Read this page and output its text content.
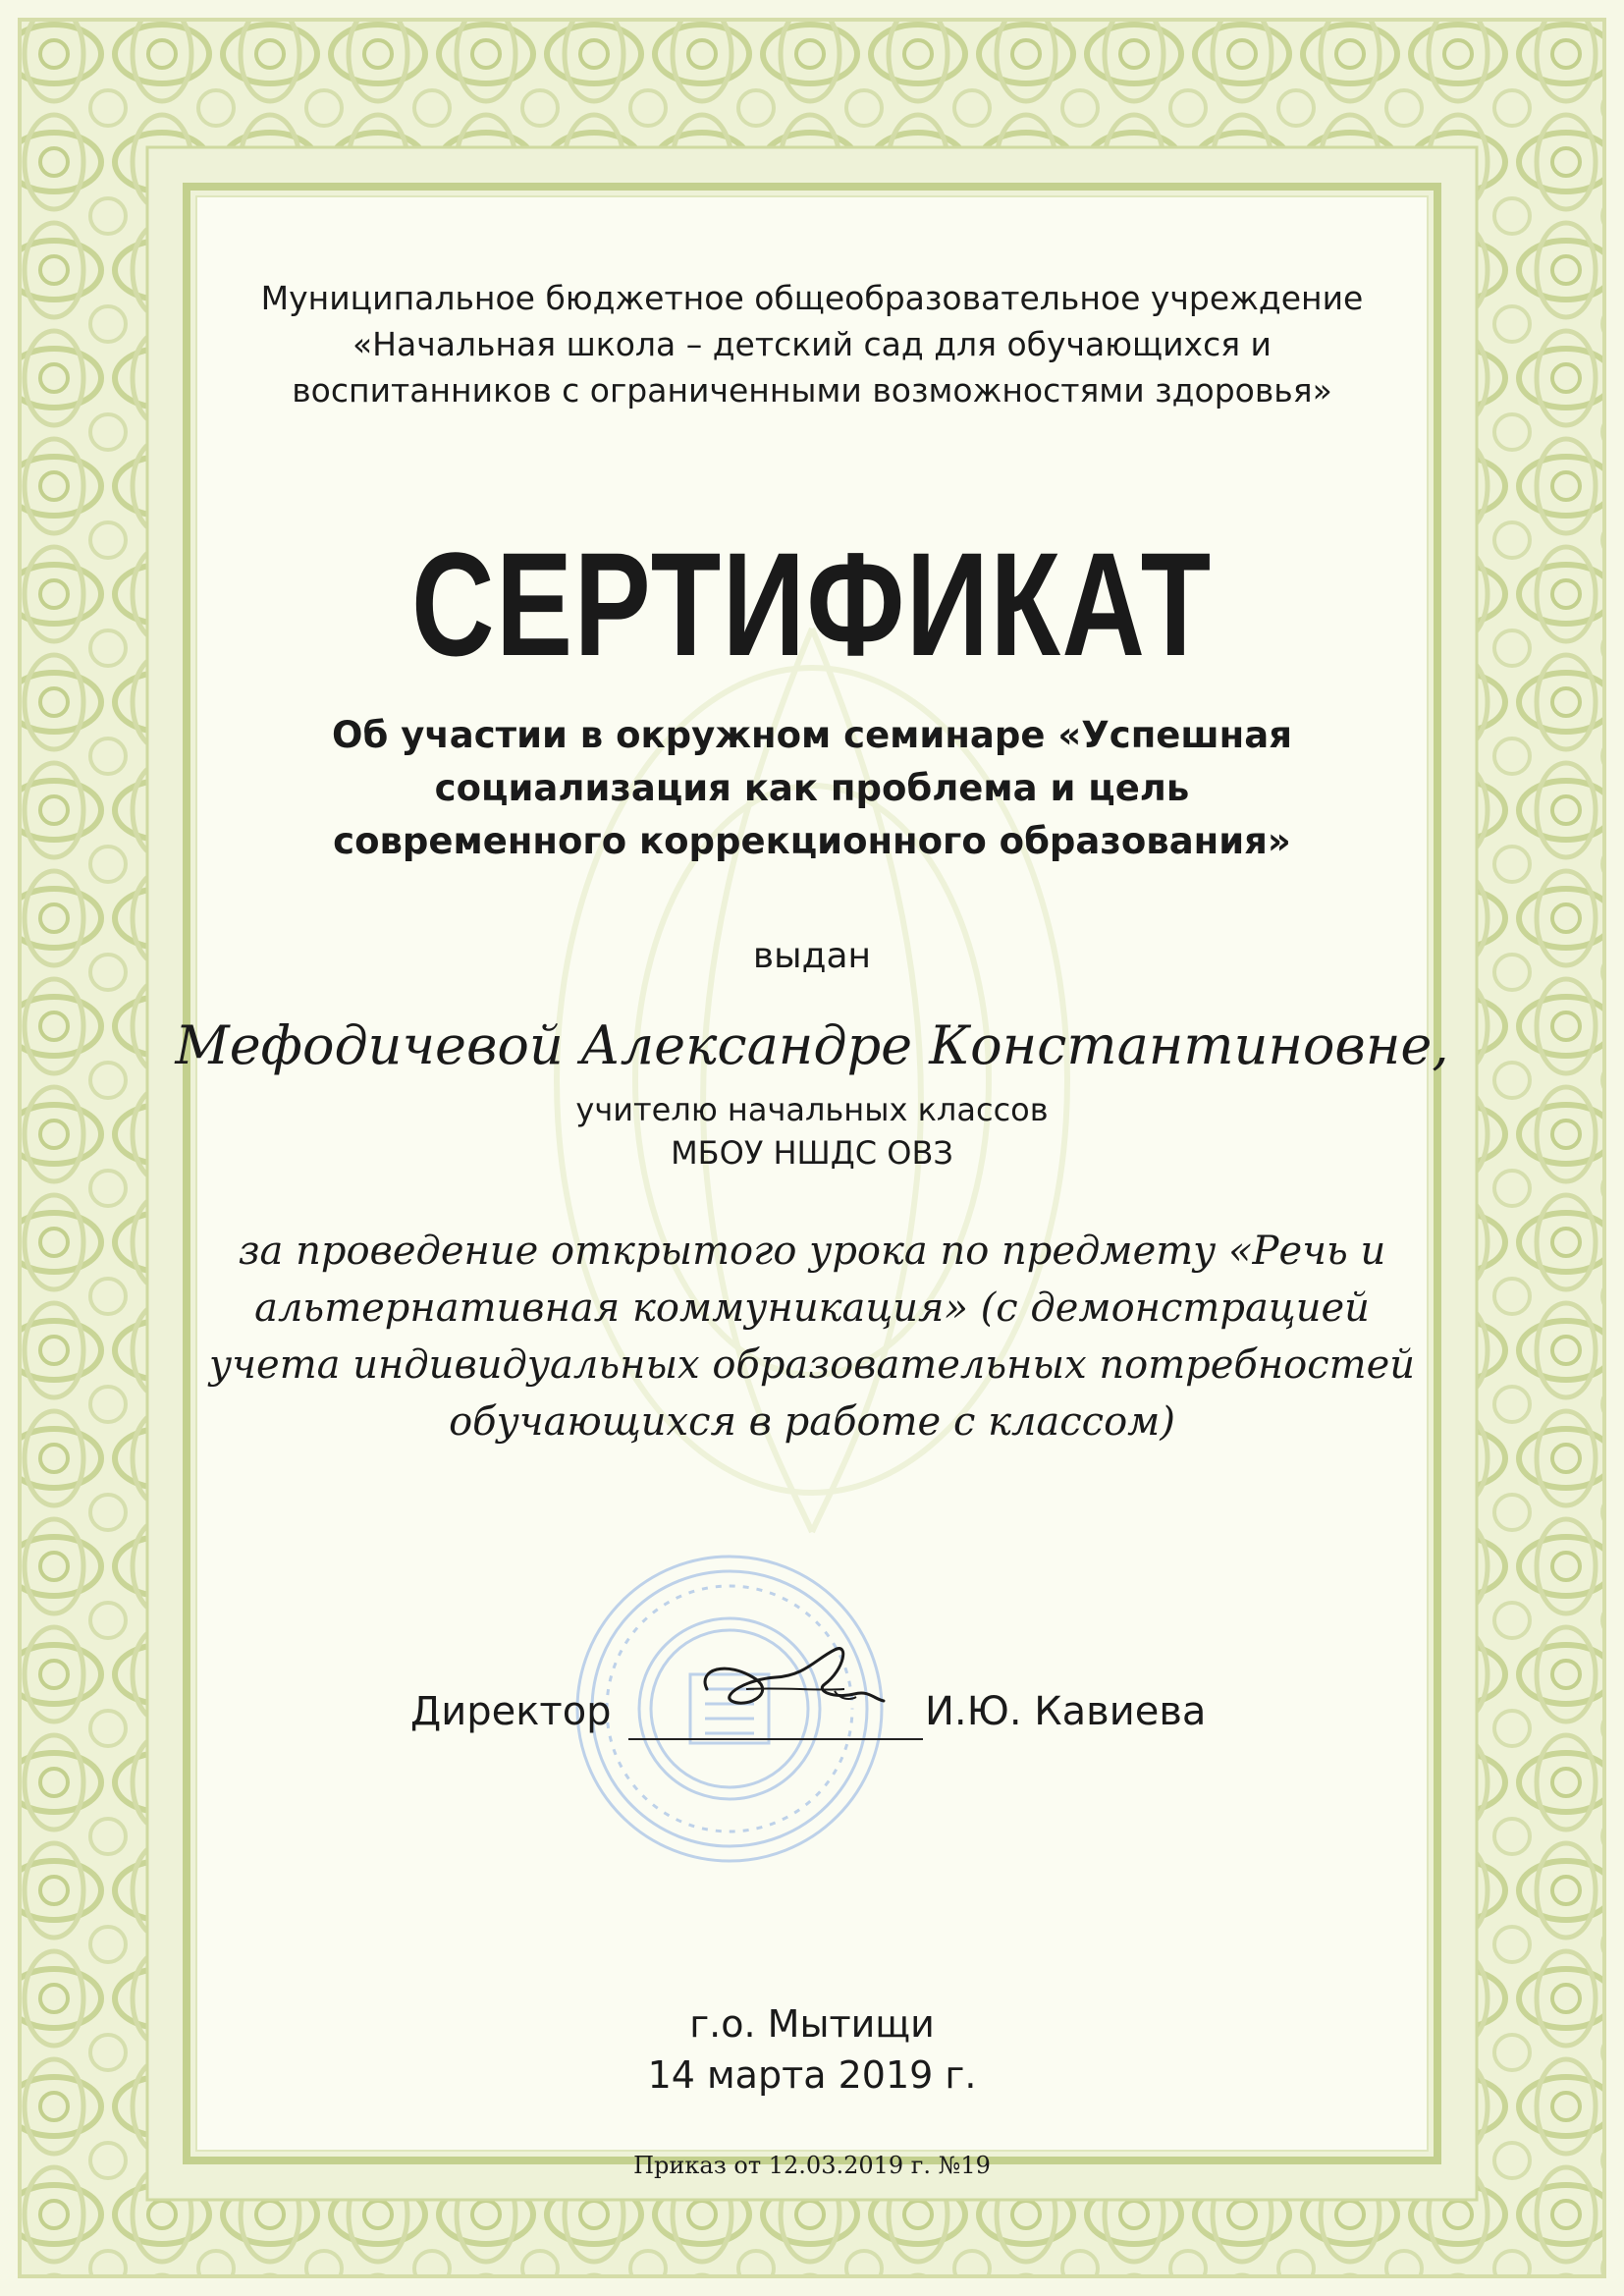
Муниципальное бюджетное общеобразовательное учреждение
«Начальная школа – детский сад для обучающихся и
воспитанников с ограниченными возможностями здоровья»
СЕРТИФИКАТ
Об участии в окружном семинаре «Успешная
социализация как проблема и цель
современного коррекционного образования»
выдан
Мефодичевой Александре Константиновне,
учителю начальных классов
МБОУ НШДС ОВЗ
за проведение открытого урока по предмету «Речь и
альтернативная коммуникация» (с демонстрацией
учета индивидуальных образовательных потребностей
обучающихся в работе с классом)
Директор	И.Ю. Кавиева
г.о. Мытищи
14 марта 2019 г.
Приказ от 12.03.2019 г. №19
